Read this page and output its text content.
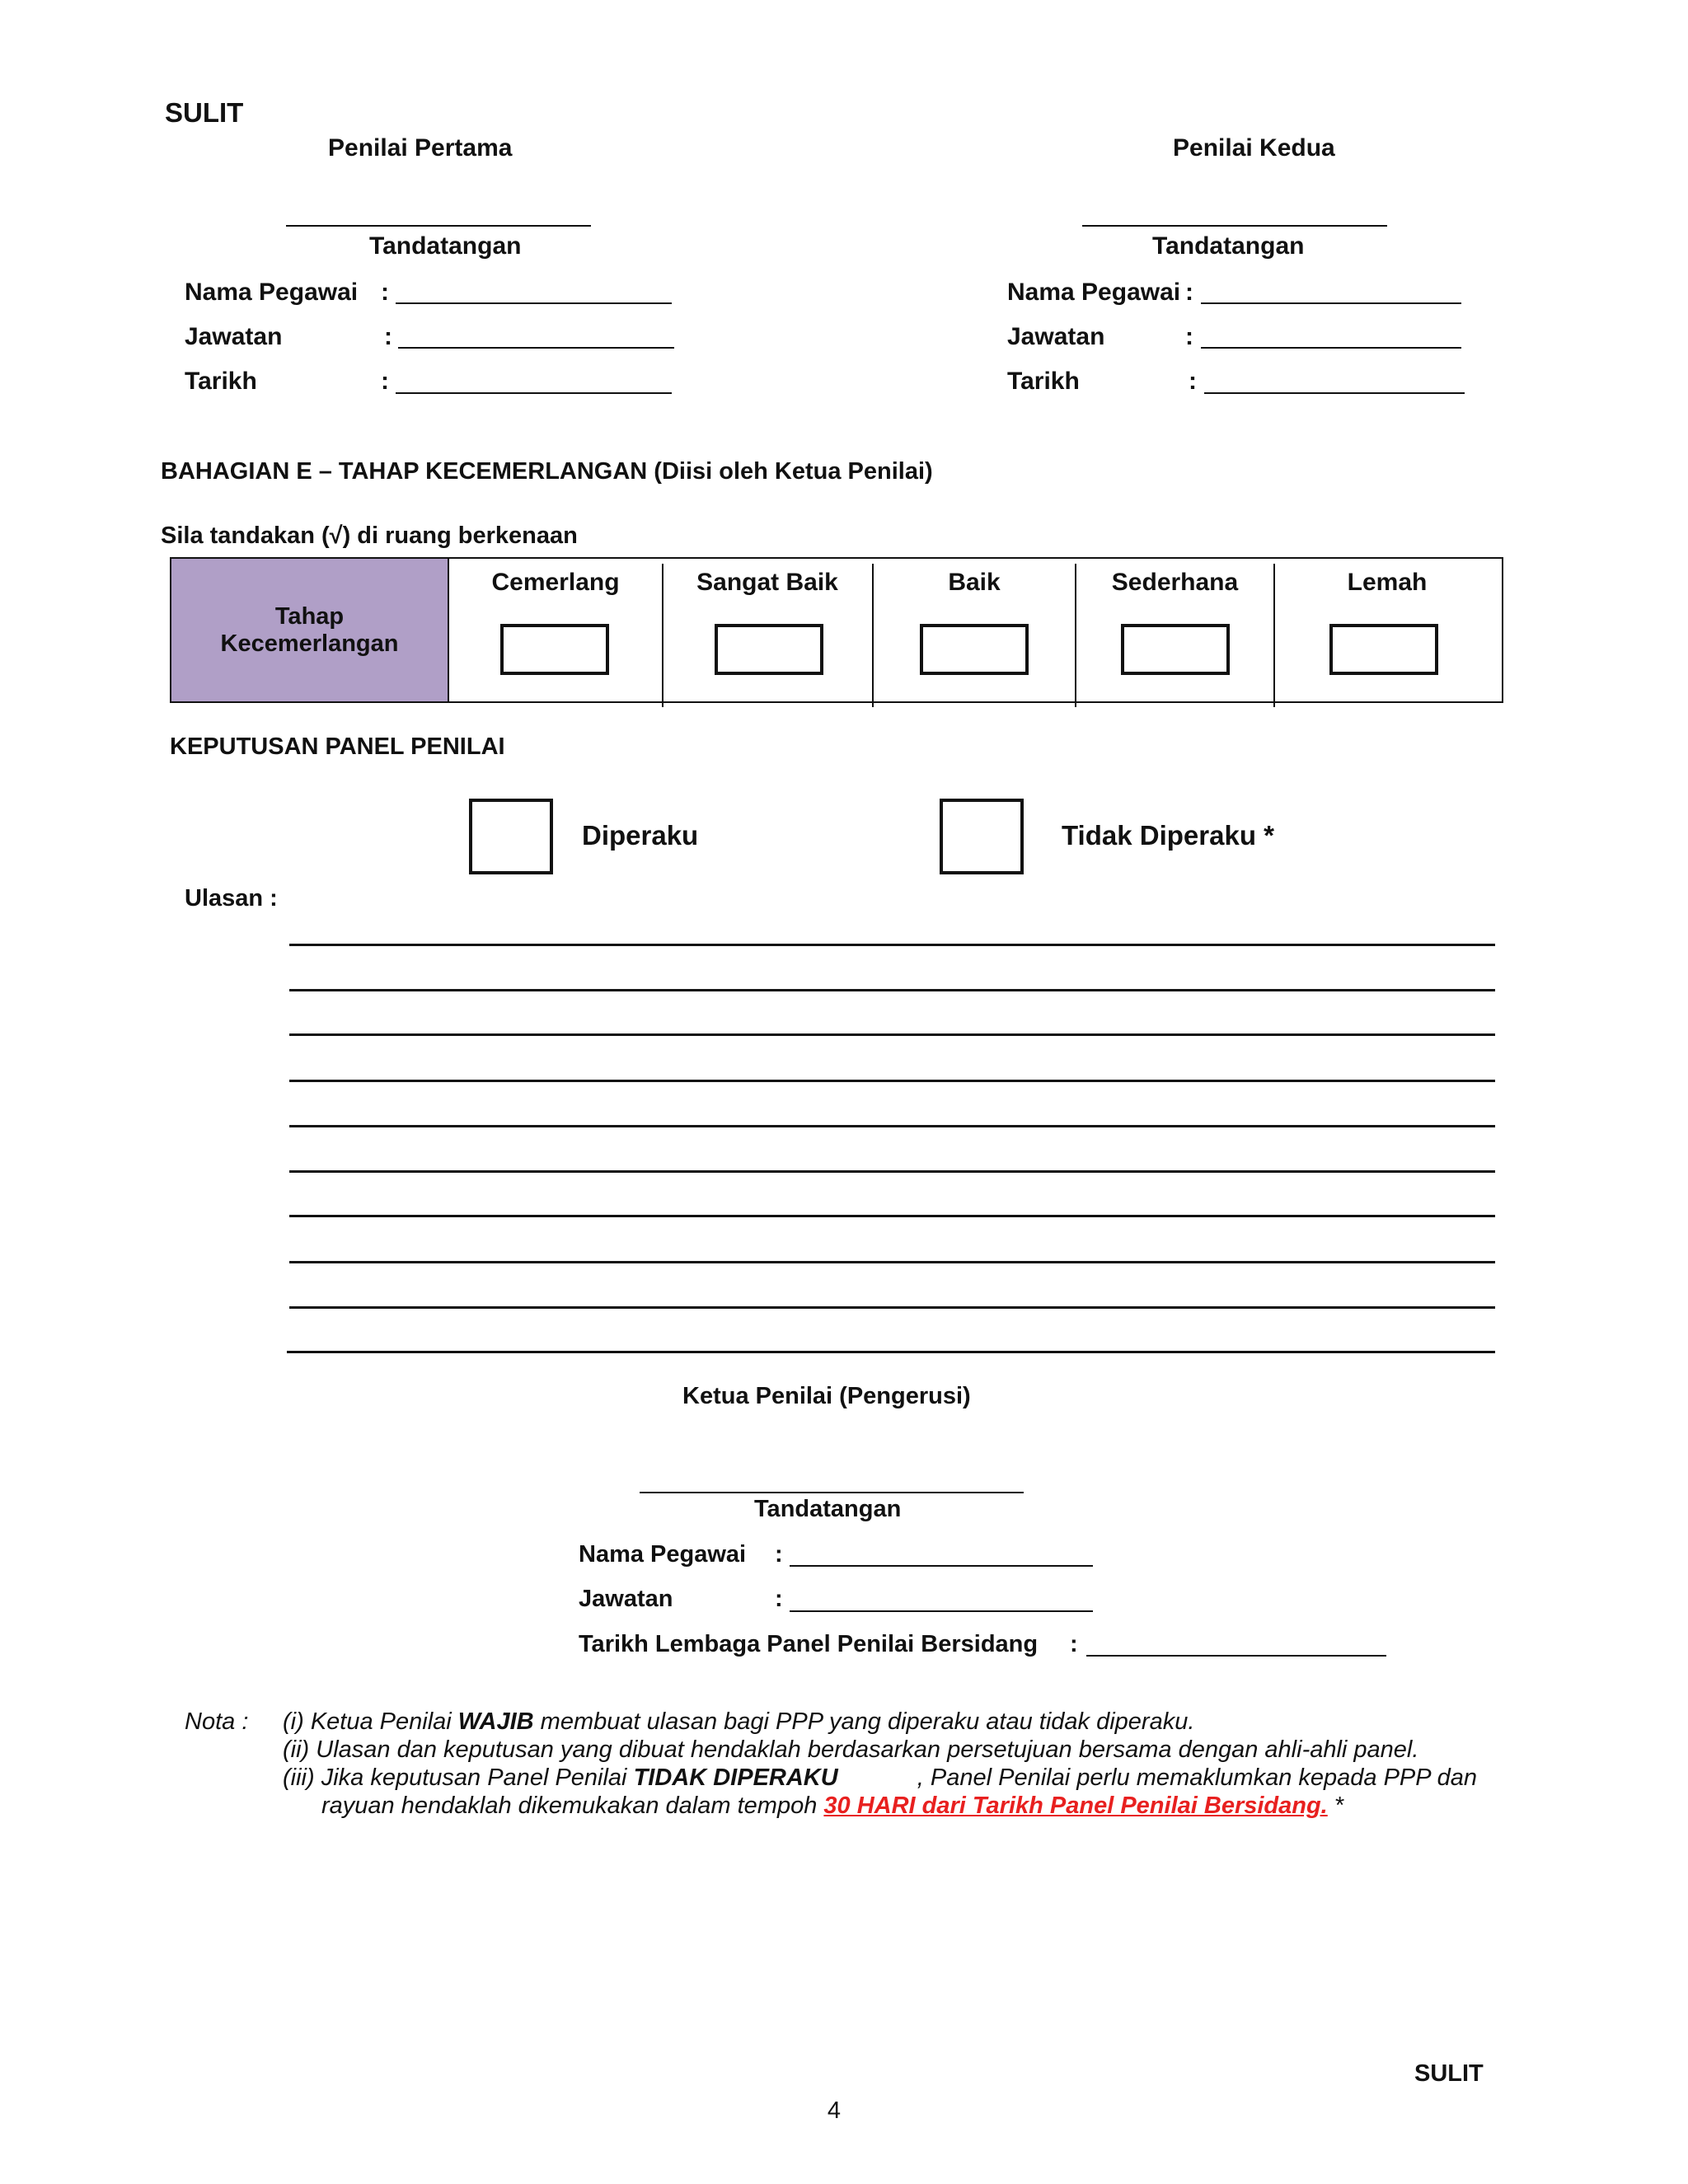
SULIT
Penilai Pertama
Tandatangan
Nama Pegawai :
Jawatan	:
Tarikh	:
Penilai Kedua
Tandatangan
Nama Pegawai :
Jawatan	:
Tarikh	:
BAHAGIAN E – TAHAP KECEMERLANGAN (Diisi oleh Ketua Penilai)
Sila tandakan (√) di ruang berkenaan
Tahap
Kecemerlangan
Cemerlang	Sangat Baik	Baik	Sederhana	Lemah
KEPUTUSAN PANEL PENILAI
Diperaku	Tidak Diperaku *
Ulasan :
Ketua Penilai (Pengerusi)
Tandatangan
Nama Pegawai :
Jawatan	:
Tarikh Lembaga Panel Penilai Bersidang :
Nota : (i) Ketua Penilai WAJIB membuat ulasan bagi PPP yang diperaku atau tidak diperaku.
(ii) Ulasan dan keputusan yang dibuat hendaklah berdasarkan persetujuan bersama dengan ahli-ahli panel.
(iii) Jika keputusan Panel Penilai TIDAK DIPERAKU	, Panel Penilai perlu memaklumkan kepada PPP dan
rayuan hendaklah dikemukakan dalam tempoh 30 HARI dari Tarikh Panel Penilai Bersidang. *
SULIT
4
